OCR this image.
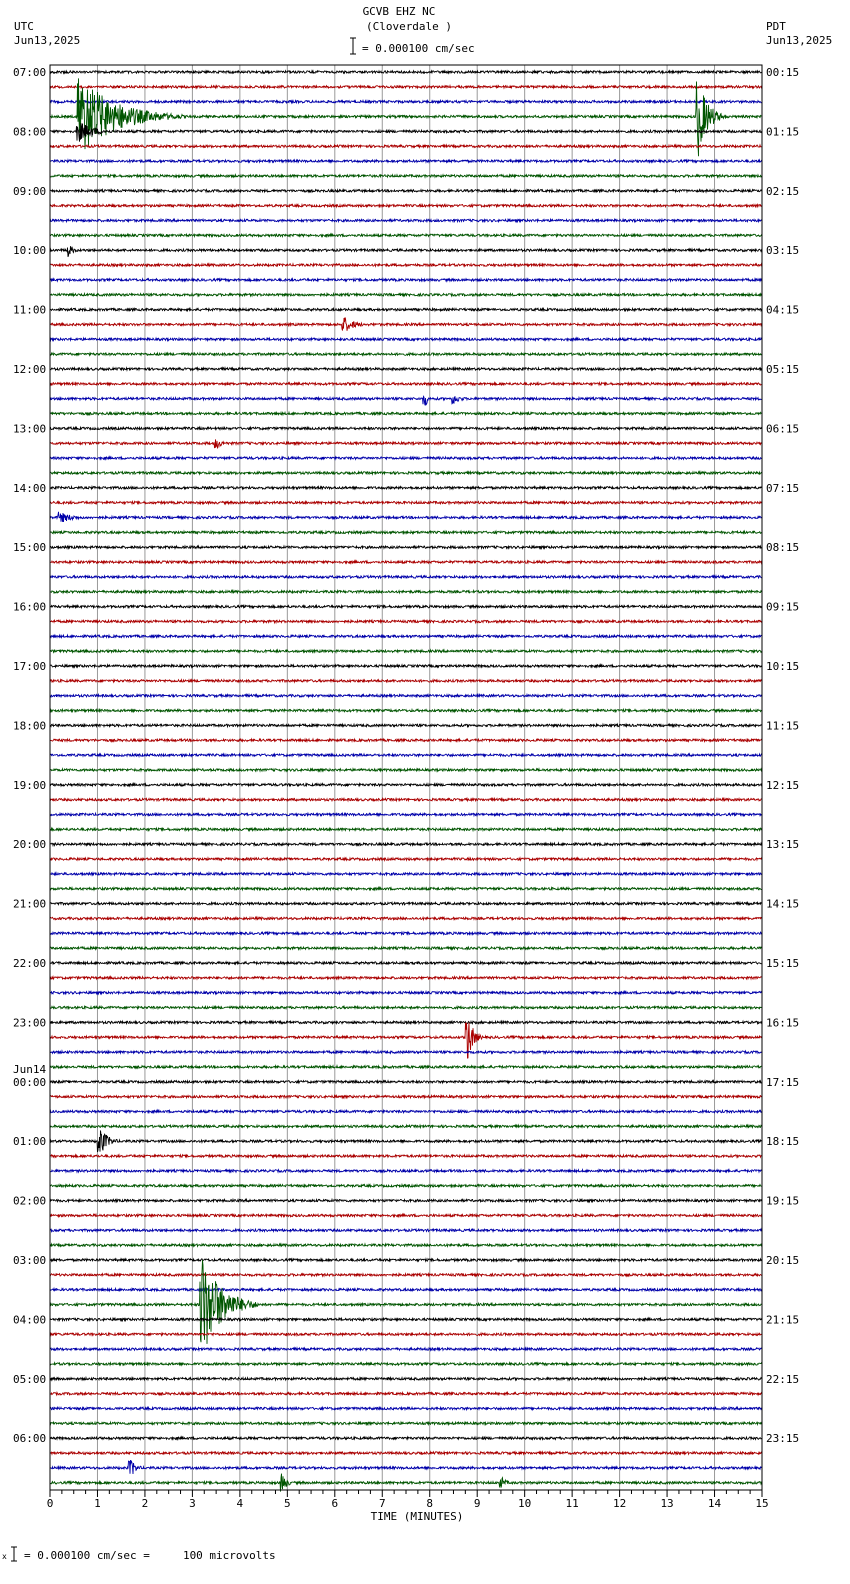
GCVB EHZ NC
(Cloverdale )
= 0.000100 cm/sec
UTC
Jun13,2025
PDT
Jun13,2025
07:00
08:00
09:00
10:00
11:00
12:00
13:00
14:00
15:00
16:00
17:00
18:00
19:00
20:00
21:00
22:00
23:00
00:00
Jun14
01:00
02:00
03:00
04:00
05:00
06:00
00:15
01:15
02:15
03:15
04:15
05:15
06:15
07:15
08:15
09:15
10:15
11:15
12:15
13:15
14:15
15:15
16:15
17:15
18:15
19:15
20:15
21:15
22:15
23:15
0	1	2	3	4	5	6	7	8	9	10	11	12	13	14	15
TIME (MINUTES)
x = 0.000100 cm/sec =     100 microvolts
